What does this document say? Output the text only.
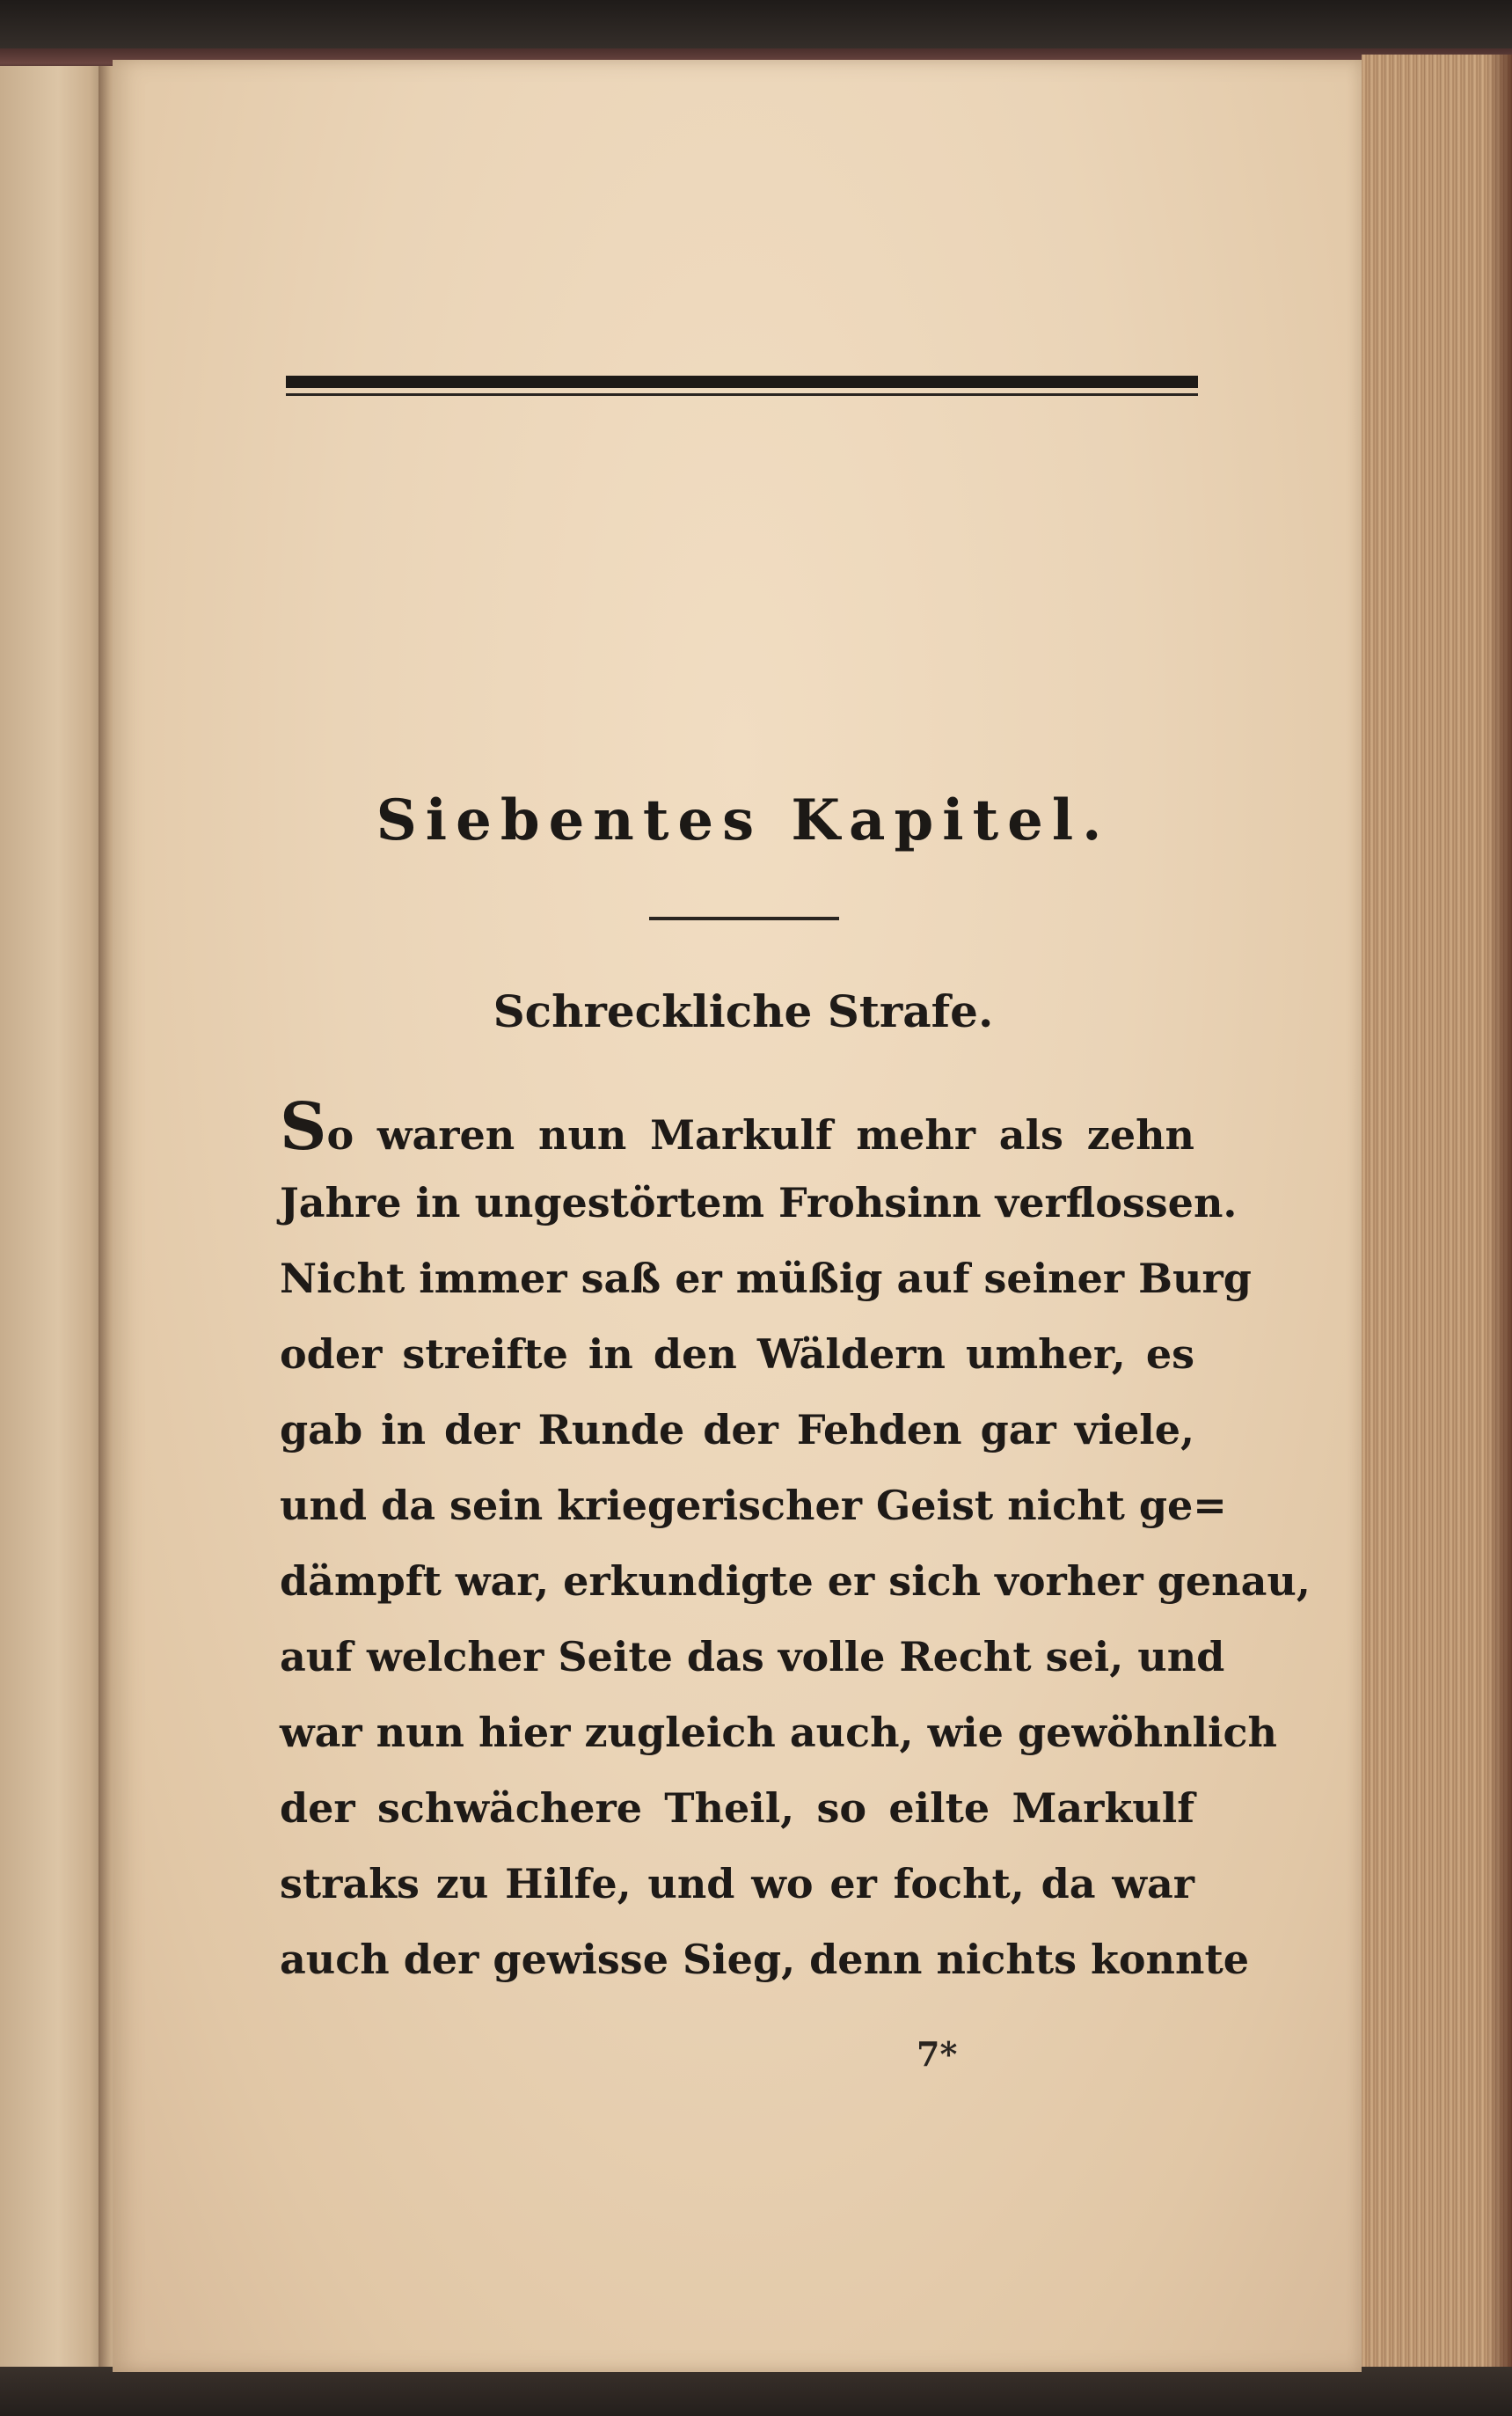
Siebentes Kapitel.
Schreckliche Strafe.
So waren nun Markulf mehr als zehn
Jahre in ungestörtem Frohsinn verflossen.
Nicht immer saß er müßig auf seiner Burg
oder streifte in den Wäldern umher, es
gab in der Runde der Fehden gar viele,
und da sein kriegerischer Geist nicht ge=
dämpft war, erkundigte er sich vorher genau,
auf welcher Seite das volle Recht sei, und
war nun hier zugleich auch, wie gewöhnlich
der schwächere Theil, so eilte Markulf
straks zu Hilfe, und wo er focht, da war
auch der gewisse Sieg, denn nichts konnte
7*
